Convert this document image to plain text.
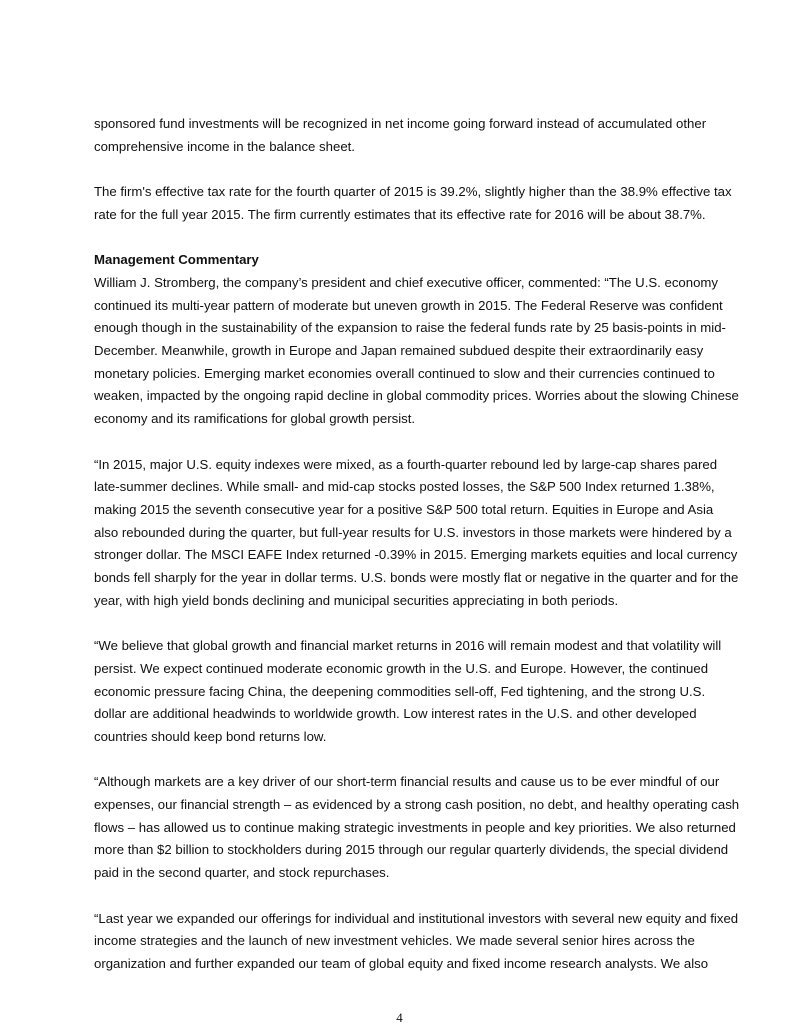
sponsored fund investments will be recognized in net income going forward instead of accumulated other
comprehensive income in the balance sheet.

The firm's effective tax rate for the fourth quarter of 2015 is 39.2%, slightly higher than the 38.9% effective tax
rate for the full year 2015. The firm currently estimates that its effective rate for 2016 will be about 38.7%.

Management Commentary
William J. Stromberg, the company’s president and chief executive officer, commented: “The U.S. economy
continued its multi-year pattern of moderate but uneven growth in 2015. The Federal Reserve was confident
enough though in the sustainability of the expansion to raise the federal funds rate by 25 basis-points in mid-
December. Meanwhile, growth in Europe and Japan remained subdued despite their extraordinarily easy
monetary policies. Emerging market economies overall continued to slow and their currencies continued to
weaken, impacted by the ongoing rapid decline in global commodity prices. Worries about the slowing Chinese
economy and its ramifications for global growth persist.

“In 2015, major U.S. equity indexes were mixed, as a fourth-quarter rebound led by large-cap shares pared
late-summer declines. While small- and mid-cap stocks posted losses, the S&P 500 Index returned 1.38%,
making 2015 the seventh consecutive year for a positive S&P 500 total return. Equities in Europe and Asia
also rebounded during the quarter, but full-year results for U.S. investors in those markets were hindered by a
stronger dollar. The MSCI EAFE Index returned -0.39% in 2015. Emerging markets equities and local currency
bonds fell sharply for the year in dollar terms. U.S. bonds were mostly flat or negative in the quarter and for the
year, with high yield bonds declining and municipal securities appreciating in both periods.

“We believe that global growth and financial market returns in 2016 will remain modest and that volatility will
persist. We expect continued moderate economic growth in the U.S. and Europe. However, the continued
economic pressure facing China, the deepening commodities sell-off, Fed tightening, and the strong U.S.
dollar are additional headwinds to worldwide growth. Low interest rates in the U.S. and other developed
countries should keep bond returns low.

“Although markets are a key driver of our short-term financial results and cause us to be ever mindful of our
expenses, our financial strength – as evidenced by a strong cash position, no debt, and healthy operating cash
flows – has allowed us to continue making strategic investments in people and key priorities. We also returned
more than $2 billion to stockholders during 2015 through our regular quarterly dividends, the special dividend
paid in the second quarter, and stock repurchases.

“Last year we expanded our offerings for individual and institutional investors with several new equity and fixed
income strategies and the launch of new investment vehicles. We made several senior hires across the
organization and further expanded our team of global equity and fixed income research analysts. We also

4
